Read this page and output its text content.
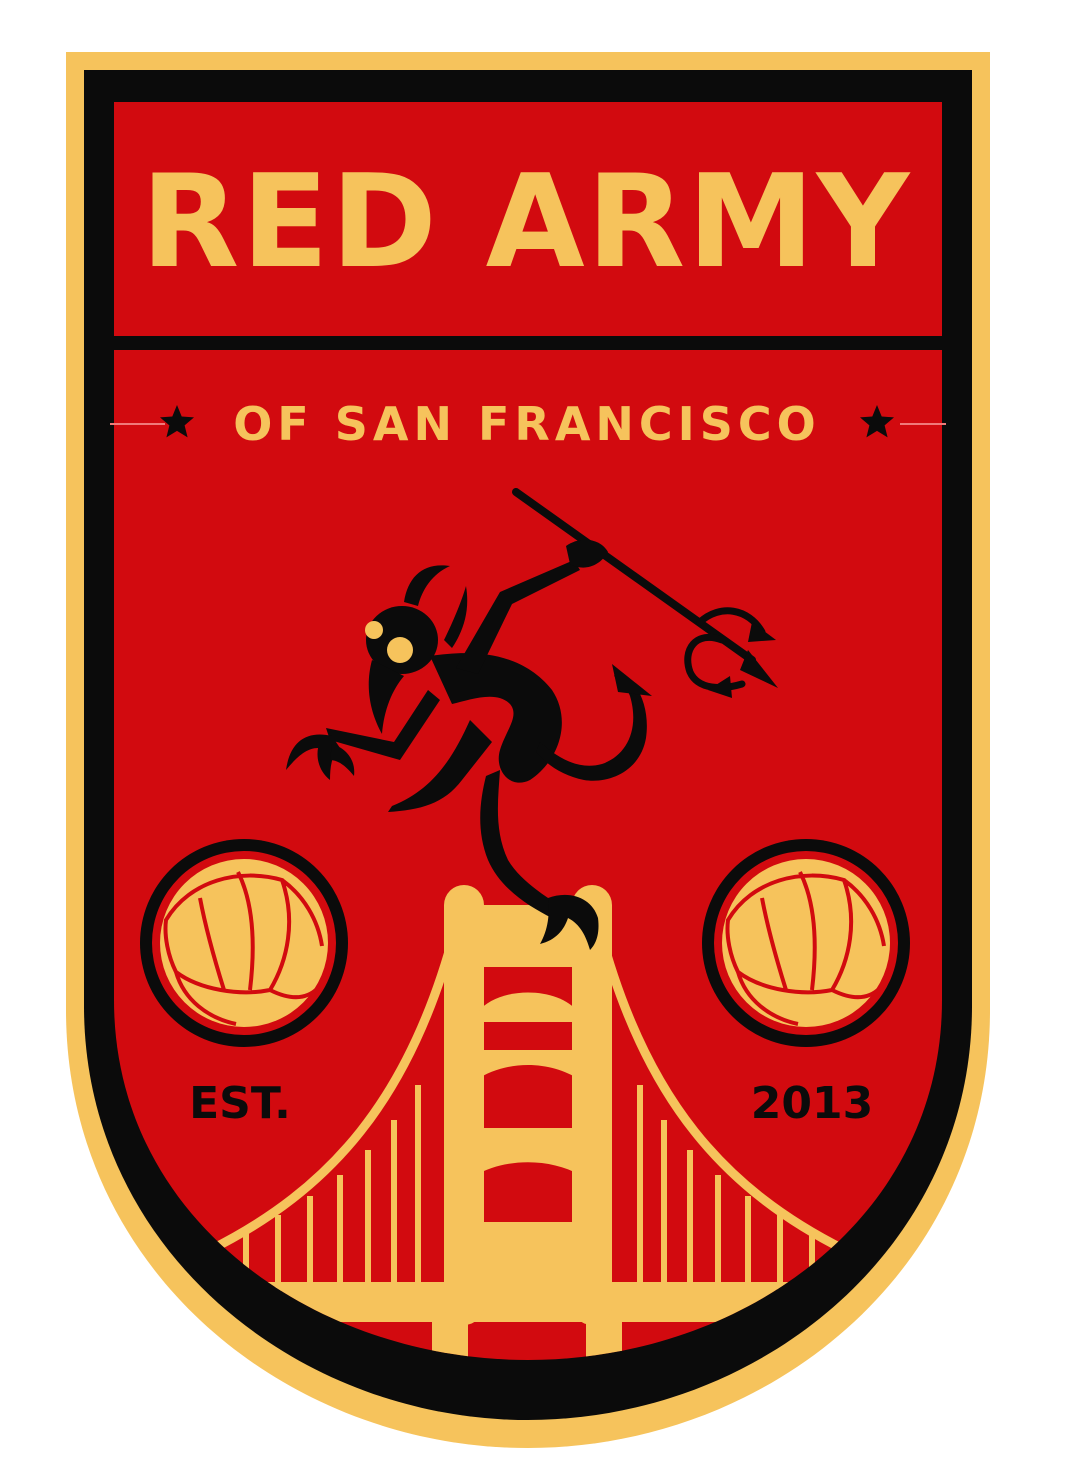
RED ARMY
OF SAN FRANCISCO
EST.	2013
